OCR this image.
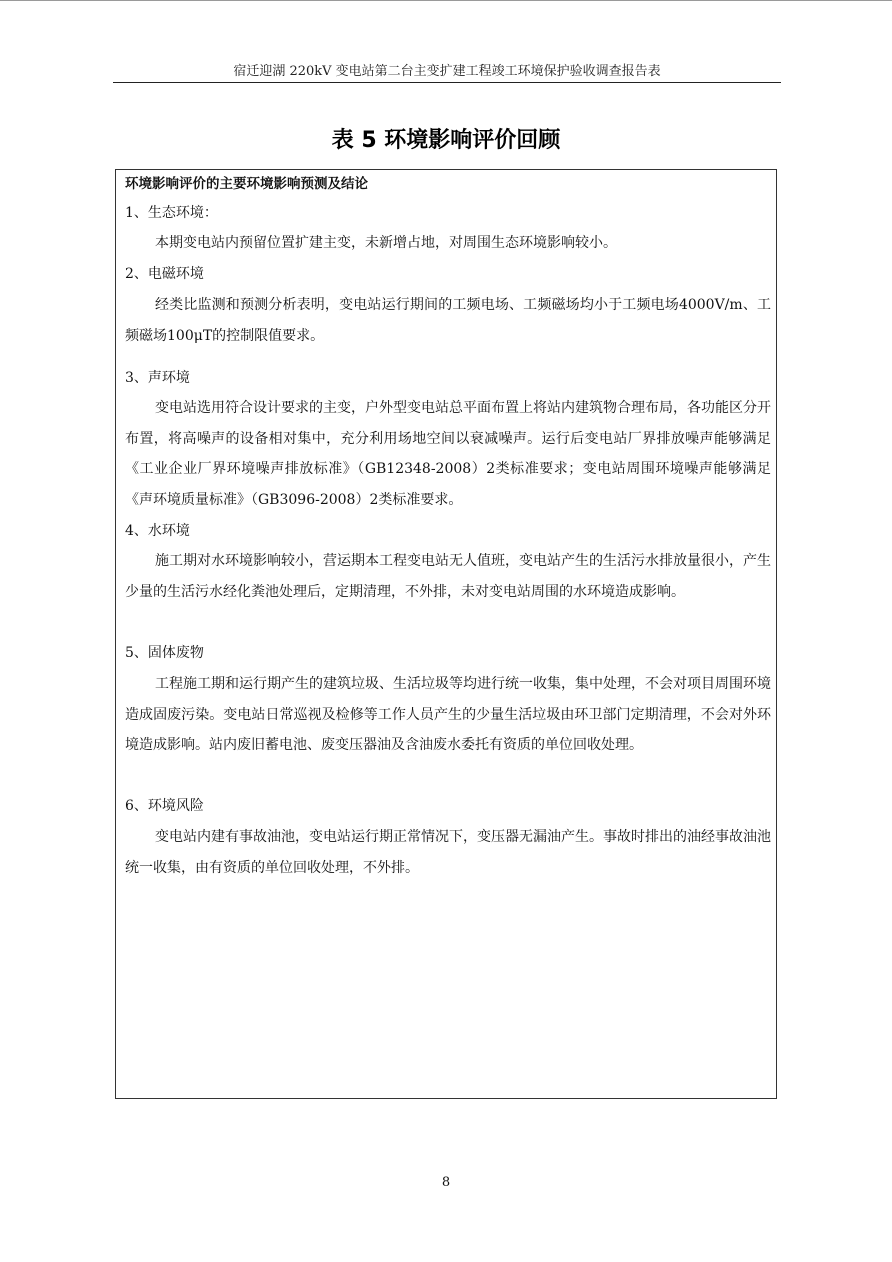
宿迁迎湖 220kV 变电站第二台主变扩建工程竣工环境保护验收调查报告表
表 5 环境影响评价回顾
环境影响评价的主要环境影响预测及结论
1、生态环境：

本期变电站内预留位置扩建主变，未新增占地，对周围生态环境影响较小。

2、电磁环境

经类比监测和预测分析表明，变电站运行期间的工频电场、工频磁场均小于工频电场4000V/m、工频磁场100μT的控制限值要求。

3、声环境

变电站选用符合设计要求的主变，户外型变电站总平面布置上将站内建筑物合理布局，各功能区分开布置，将高噪声的设备相对集中，充分利用场地空间以衰减噪声。运行后变电站厂界排放噪声能够满足《工业企业厂界环境噪声排放标准》（GB12348-2008）2类标准要求；变电站周围环境噪声能够满足《声环境质量标准》（GB3096-2008）2类标准要求。

4、水环境

施工期对水环境影响较小，营运期本工程变电站无人值班，变电站产生的生活污水排放量很小，产生少量的生活污水经化粪池处理后，定期清理，不外排，未对变电站周围的水环境造成影响。

5、固体废物

工程施工期和运行期产生的建筑垃圾、生活垃圾等均进行统一收集，集中处理，不会对项目周围环境造成固废污染。变电站日常巡视及检修等工作人员产生的少量生活垃圾由环卫部门定期清理，不会对外环境造成影响。站内废旧蓄电池、废变压器油及含油废水委托有资质的单位回收处理。

6、环境风险

变电站内建有事故油池，变电站运行期正常情况下，变压器无漏油产生。事故时排出的油经事故油池统一收集，由有资质的单位回收处理，不外排。

8
